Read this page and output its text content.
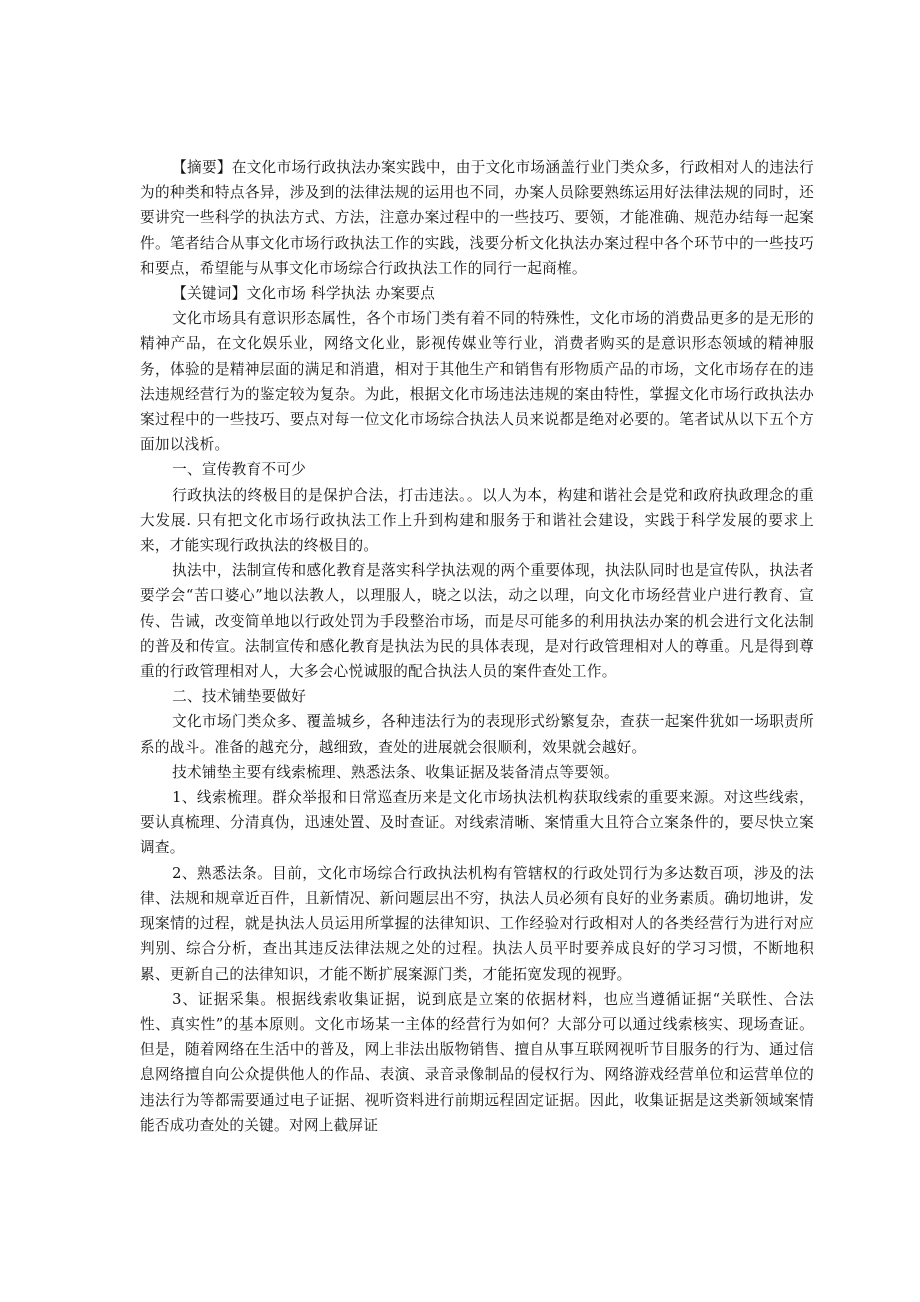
【摘要】在文化市场行政执法办案实践中，由于文化市场涵盖行业门类众多，行政相对人的违法行为的种类和特点各异，涉及到的法律法规的运用也不同，办案人员除要熟练运用好法律法规的同时，还要讲究一些科学的执法方式、方法，注意办案过程中的一些技巧、要领，才能准确、规范办结每一起案件。笔者结合从事文化市场行政执法工作的实践，浅要分析文化执法办案过程中各个环节中的一些技巧和要点，希望能与从事文化市场综合行政执法工作的同行一起商榷。

【关键词】文化市场 科学执法 办案要点

文化市场具有意识形态属性，各个市场门类有着不同的特殊性，文化市场的消费品更多的是无形的精神产品，在文化娱乐业，网络文化业，影视传媒业等行业，消费者购买的是意识形态领域的精神服务，体验的是精神层面的满足和消遣，相对于其他生产和销售有形物质产品的市场，文化市场存在的违法违规经营行为的鉴定较为复杂。为此，根据文化市场违法违规的案由特性，掌握文化市场行政执法办案过程中的一些技巧、要点对每一位文化市场综合执法人员来说都是绝对必要的。笔者试从以下五个方面加以浅析。

一、宣传教育不可少

行政执法的终极目的是保护合法，打击违法。。以人为本，构建和谐社会是党和政府执政理念的重大发展. 只有把文化市场行政执法工作上升到构建和服务于和谐社会建设，实践于科学发展的要求上来，才能实现行政执法的终极目的。

执法中，法制宣传和感化教育是落实科学执法观的两个重要体现，执法队同时也是宣传队，执法者要学会“苦口婆心”地以法教人，以理服人，晓之以法，动之以理，向文化市场经营业户进行教育、宣传、告诫，改变简单地以行政处罚为手段整治市场，而是尽可能多的利用执法办案的机会进行文化法制的普及和传宣。法制宣传和感化教育是执法为民的具体表现，是对行政管理相对人的尊重。凡是得到尊重的行政管理相对人，大多会心悦诚服的配合执法人员的案件查处工作。

二、技术铺垫要做好

文化市场门类众多、覆盖城乡，各种违法行为的表现形式纷繁复杂，查获一起案件犹如一场职责所系的战斗。准备的越充分，越细致，查处的进展就会很顺利，效果就会越好。

技术铺垫主要有线索梳理、熟悉法条、收集证据及装备清点等要领。

1、线索梳理。群众举报和日常巡查历来是文化市场执法机构获取线索的重要来源。对这些线索，要认真梳理、分清真伪，迅速处置、及时查证。对线索清晰、案情重大且符合立案条件的，要尽快立案调查。

2、熟悉法条。目前，文化市场综合行政执法机构有管辖权的行政处罚行为多达数百项，涉及的法律、法规和规章近百件，且新情况、新问题层出不穷，执法人员必须有良好的业务素质。确切地讲，发现案情的过程，就是执法人员运用所掌握的法律知识、工作经验对行政相对人的各类经营行为进行对应判别、综合分析，查出其违反法律法规之处的过程。执法人员平时要养成良好的学习习惯，不断地积累、更新自己的法律知识，才能不断扩展案源门类，才能拓宽发现的视野。

3、证据采集。根据线索收集证据，说到底是立案的依据材料，也应当遵循证据“关联性、合法性、真实性”的基本原则。文化市场某一主体的经营行为如何？大部分可以通过线索核实、现场查证。但是，随着网络在生活中的普及，网上非法出版物销售、擅自从事互联网视听节目服务的行为、通过信息网络擅自向公众提供他人的作品、表演、录音录像制品的侵权行为、网络游戏经营单位和运营单位的违法行为等都需要通过电子证据、视听资料进行前期远程固定证据。因此，收集证据是这类新领域案情能否成功查处的关键。对网上截屏证
